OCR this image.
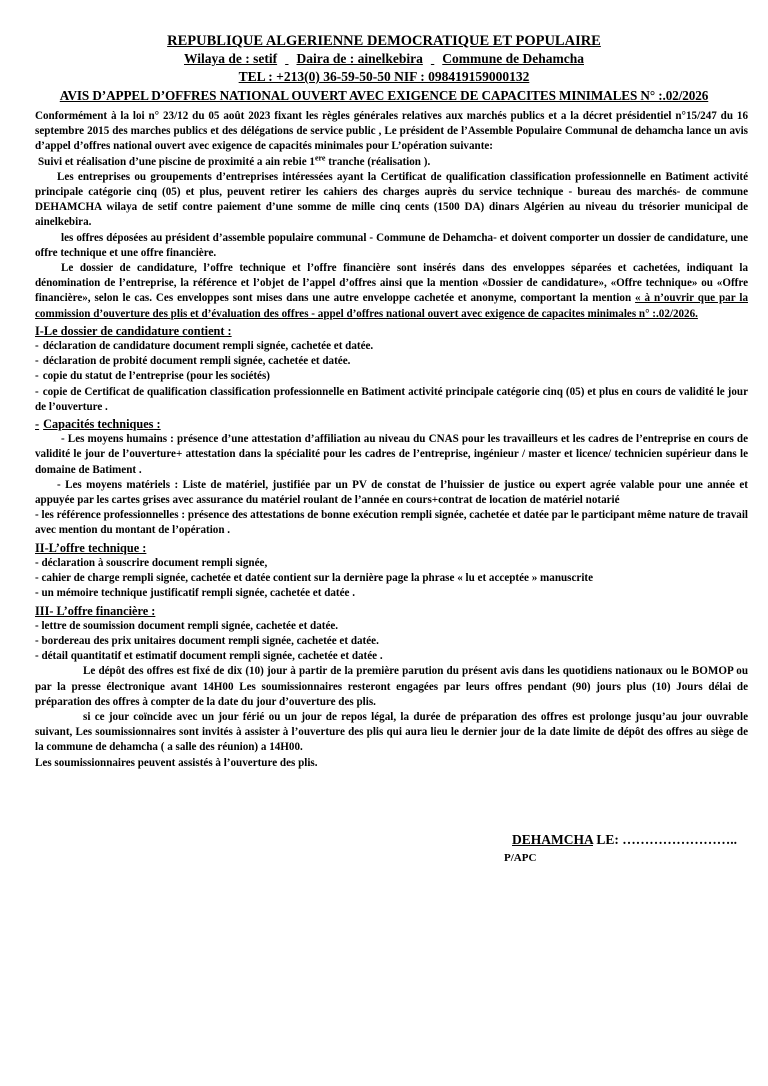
REPUBLIQUE ALGERIENNE DEMOCRATIQUE ET POPULAIRE
Wilaya de : setif Daira de : ainelkebira Commune de Dehamcha
TEL : +213(0) 36-59-50-50 NIF : 098419159000132
AVIS D’APPEL D’OFFRES NATIONAL OUVERT AVEC EXIGENCE DE CAPACITES MINIMALES N° :.02/2026

Conformément à la loi n° 23/12 du 05 août 2023 fixant les règles générales relatives aux marchés publics et a la décret présidentiel n°15/247 du 16 septembre 2015 des marches publics et des délégations de service public , Le président de l’Assemble Populaire Communal de dehamcha lance un avis d’appel d’offres national ouvert avec exigence de capacités minimales pour L’opération suivante:

Suivi et réalisation d’une piscine de proximité a ain rebie 1ere tranche (réalisation ).

Les entreprises ou groupements d’entreprises intéressées ayant la Certificat de qualification classification professionnelle en Batiment activité principale catégorie cinq (05) et plus, peuvent retirer les cahiers des charges auprès du service technique - bureau des marchés- de commune DEHAMCHA wilaya de setif contre paiement d’une somme de mille cinq cents (1500 DA) dinars Algérien au niveau du trésorier municipal de ainelkebira.

les offres déposées au président d’assemble populaire communal - Commune de Dehamcha- et doivent comporter un dossier de candidature, une offre technique et une offre financière.

Le dossier de candidature, l’offre technique et l’offre financière sont insérés dans des enveloppes séparées et cachetées, indiquant la dénomination de l’entreprise, la référence et l’objet de l’appel d’offres ainsi que la mention «Dossier de candidature», «Offre technique» ou «Offre financière», selon le cas. Ces enveloppes sont mises dans une autre enveloppe cachetée et anonyme, comportant la mention « à n’ouvrir que par la commission d’ouverture des plis et d’évaluation des offres - appel d’offres national ouvert avec exigence de capacites minimales n° :.02/2026.

I-Le dossier de candidature contient :

- déclaration de candidature document rempli signée, cachetée et datée.

- déclaration de probité document rempli signée, cachetée et datée.

- copie du statut de l’entreprise (pour les sociétés)

- copie de Certificat de qualification classification professionnelle en Batiment activité principale catégorie cinq (05) et plus en cours de validité le jour de l’ouverture .

- Capacités techniques :

- Les moyens humains : présence d’une attestation d’affiliation au niveau du CNAS pour les travailleurs et les cadres de l’entreprise en cours de validité le jour de l’ouverture+ attestation dans la spécialité pour les cadres de l’entreprise, ingénieur / master et licence/ technicien supérieur dans le domaine de Batiment .

- Les moyens matériels : Liste de matériel, justifiée par un PV de constat de l’huissier de justice ou expert agrée valable pour une année et appuyée par les cartes grises avec assurance du matériel roulant de l’année en cours+contrat de location de matériel notarié

- les référence professionnelles : présence des attestations de bonne exécution rempli signée, cachetée et datée par le participant même nature de travail avec mention du montant de l’opération .

II-L’offre technique :

- déclaration à souscrire document rempli signée,

- cahier de charge rempli signée, cachetée et datée contient sur la dernière page la phrase « lu et acceptée » manuscrite

- un mémoire technique justificatif rempli signée, cachetée et datée .

III- L’offre financière :

- lettre de soumission document rempli signée, cachetée et datée.

- bordereau des prix unitaires document rempli signée, cachetée et datée.

- détail quantitatif et estimatif document rempli signée, cachetée et datée .

Le dépôt des offres est fixé de dix (10) jour à partir de la première parution du présent avis dans les quotidiens nationaux ou le BOMOP ou par la presse électronique avant 14H00 Les soumissionnaires resteront engagées par leurs offres pendant (90) jours plus (10) Jours délai de préparation des offres à compter de la date du jour d’ouverture des plis.

si ce jour coïncide avec un jour férié ou un jour de repos légal, la durée de préparation des offres est prolonge jusqu’au jour ouvrable suivant, Les soumissionnaires sont invités à assister à l’ouverture des plis qui aura lieu le dernier jour de la date limite de dépôt des offres au siège de la commune de dehamcha ( a salle des réunion) a 14H00.

Les soumissionnaires peuvent assistés à l’ouverture des plis.

DEHAMCHA LE: ……………………..
P/APC
